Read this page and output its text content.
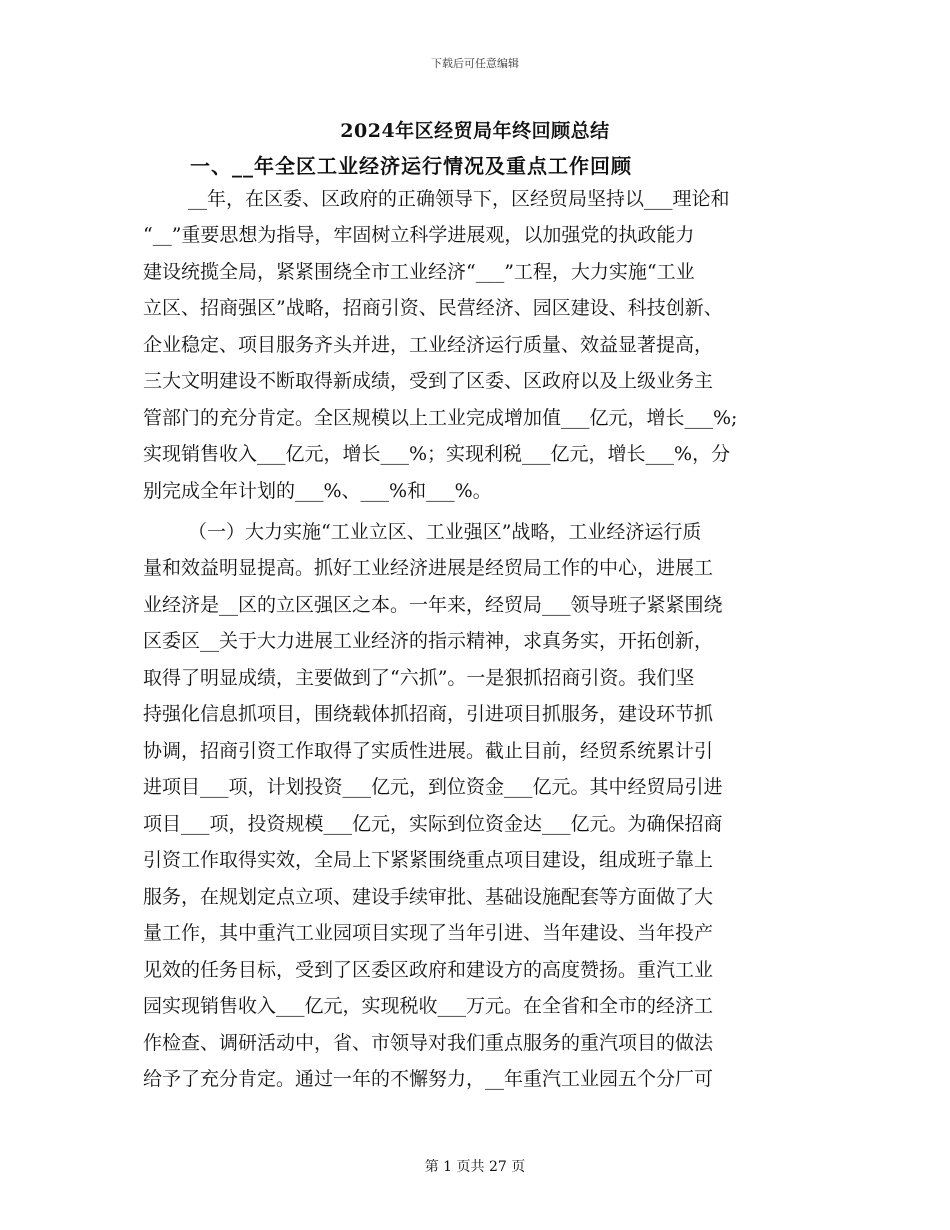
下载后可任意编辑
2024年区经贸局年终回顾总结
一、__年全区工业经济运行情况及重点工作回顾
__年，在区委、区政府的正确领导下，区经贸局坚持以___理论和
“__”重要思想为指导，牢固树立科学进展观，以加强党的执政能力
建设统揽全局，紧紧围绕全市工业经济“___”工程，大力实施“工业
立区、招商强区”战略，招商引资、民营经济、园区建设、科技创新、
企业稳定、项目服务齐头并进，工业经济运行质量、效益显著提高，
三大文明建设不断取得新成绩，受到了区委、区政府以及上级业务主
管部门的充分肯定。全区规模以上工业完成增加值___亿元，增长___%;
实现销售收入___亿元，增长___%；实现利税___亿元，增长___%，分
别完成全年计划的___%、___%和___%。
（一）大力实施“工业立区、工业强区”战略，工业经济运行质
量和效益明显提高。抓好工业经济进展是经贸局工作的中心，进展工
业经济是__区的立区强区之本。一年来，经贸局___领导班子紧紧围绕
区委区__关于大力进展工业经济的指示精神，求真务实，开拓创新，
取得了明显成绩，主要做到了“六抓”。一是狠抓招商引资。我们坚
持强化信息抓项目，围绕载体抓招商，引进项目抓服务，建设环节抓
协调，招商引资工作取得了实质性进展。截止目前，经贸系统累计引
进项目___项，计划投资___亿元，到位资金___亿元。其中经贸局引进
项目___项，投资规模___亿元，实际到位资金达___亿元。为确保招商
引资工作取得实效，全局上下紧紧围绕重点项目建设，组成班子靠上
服务，在规划定点立项、建设手续审批、基础设施配套等方面做了大
量工作，其中重汽工业园项目实现了当年引进、当年建设、当年投产
见效的任务目标，受到了区委区政府和建设方的高度赞扬。重汽工业
园实现销售收入___亿元，实现税收___万元。在全省和全市的经济工
作检查、调研活动中，省、市领导对我们重点服务的重汽项目的做法
给予了充分肯定。通过一年的不懈努力，__年重汽工业园五个分厂可
第 1 页共 27 页
